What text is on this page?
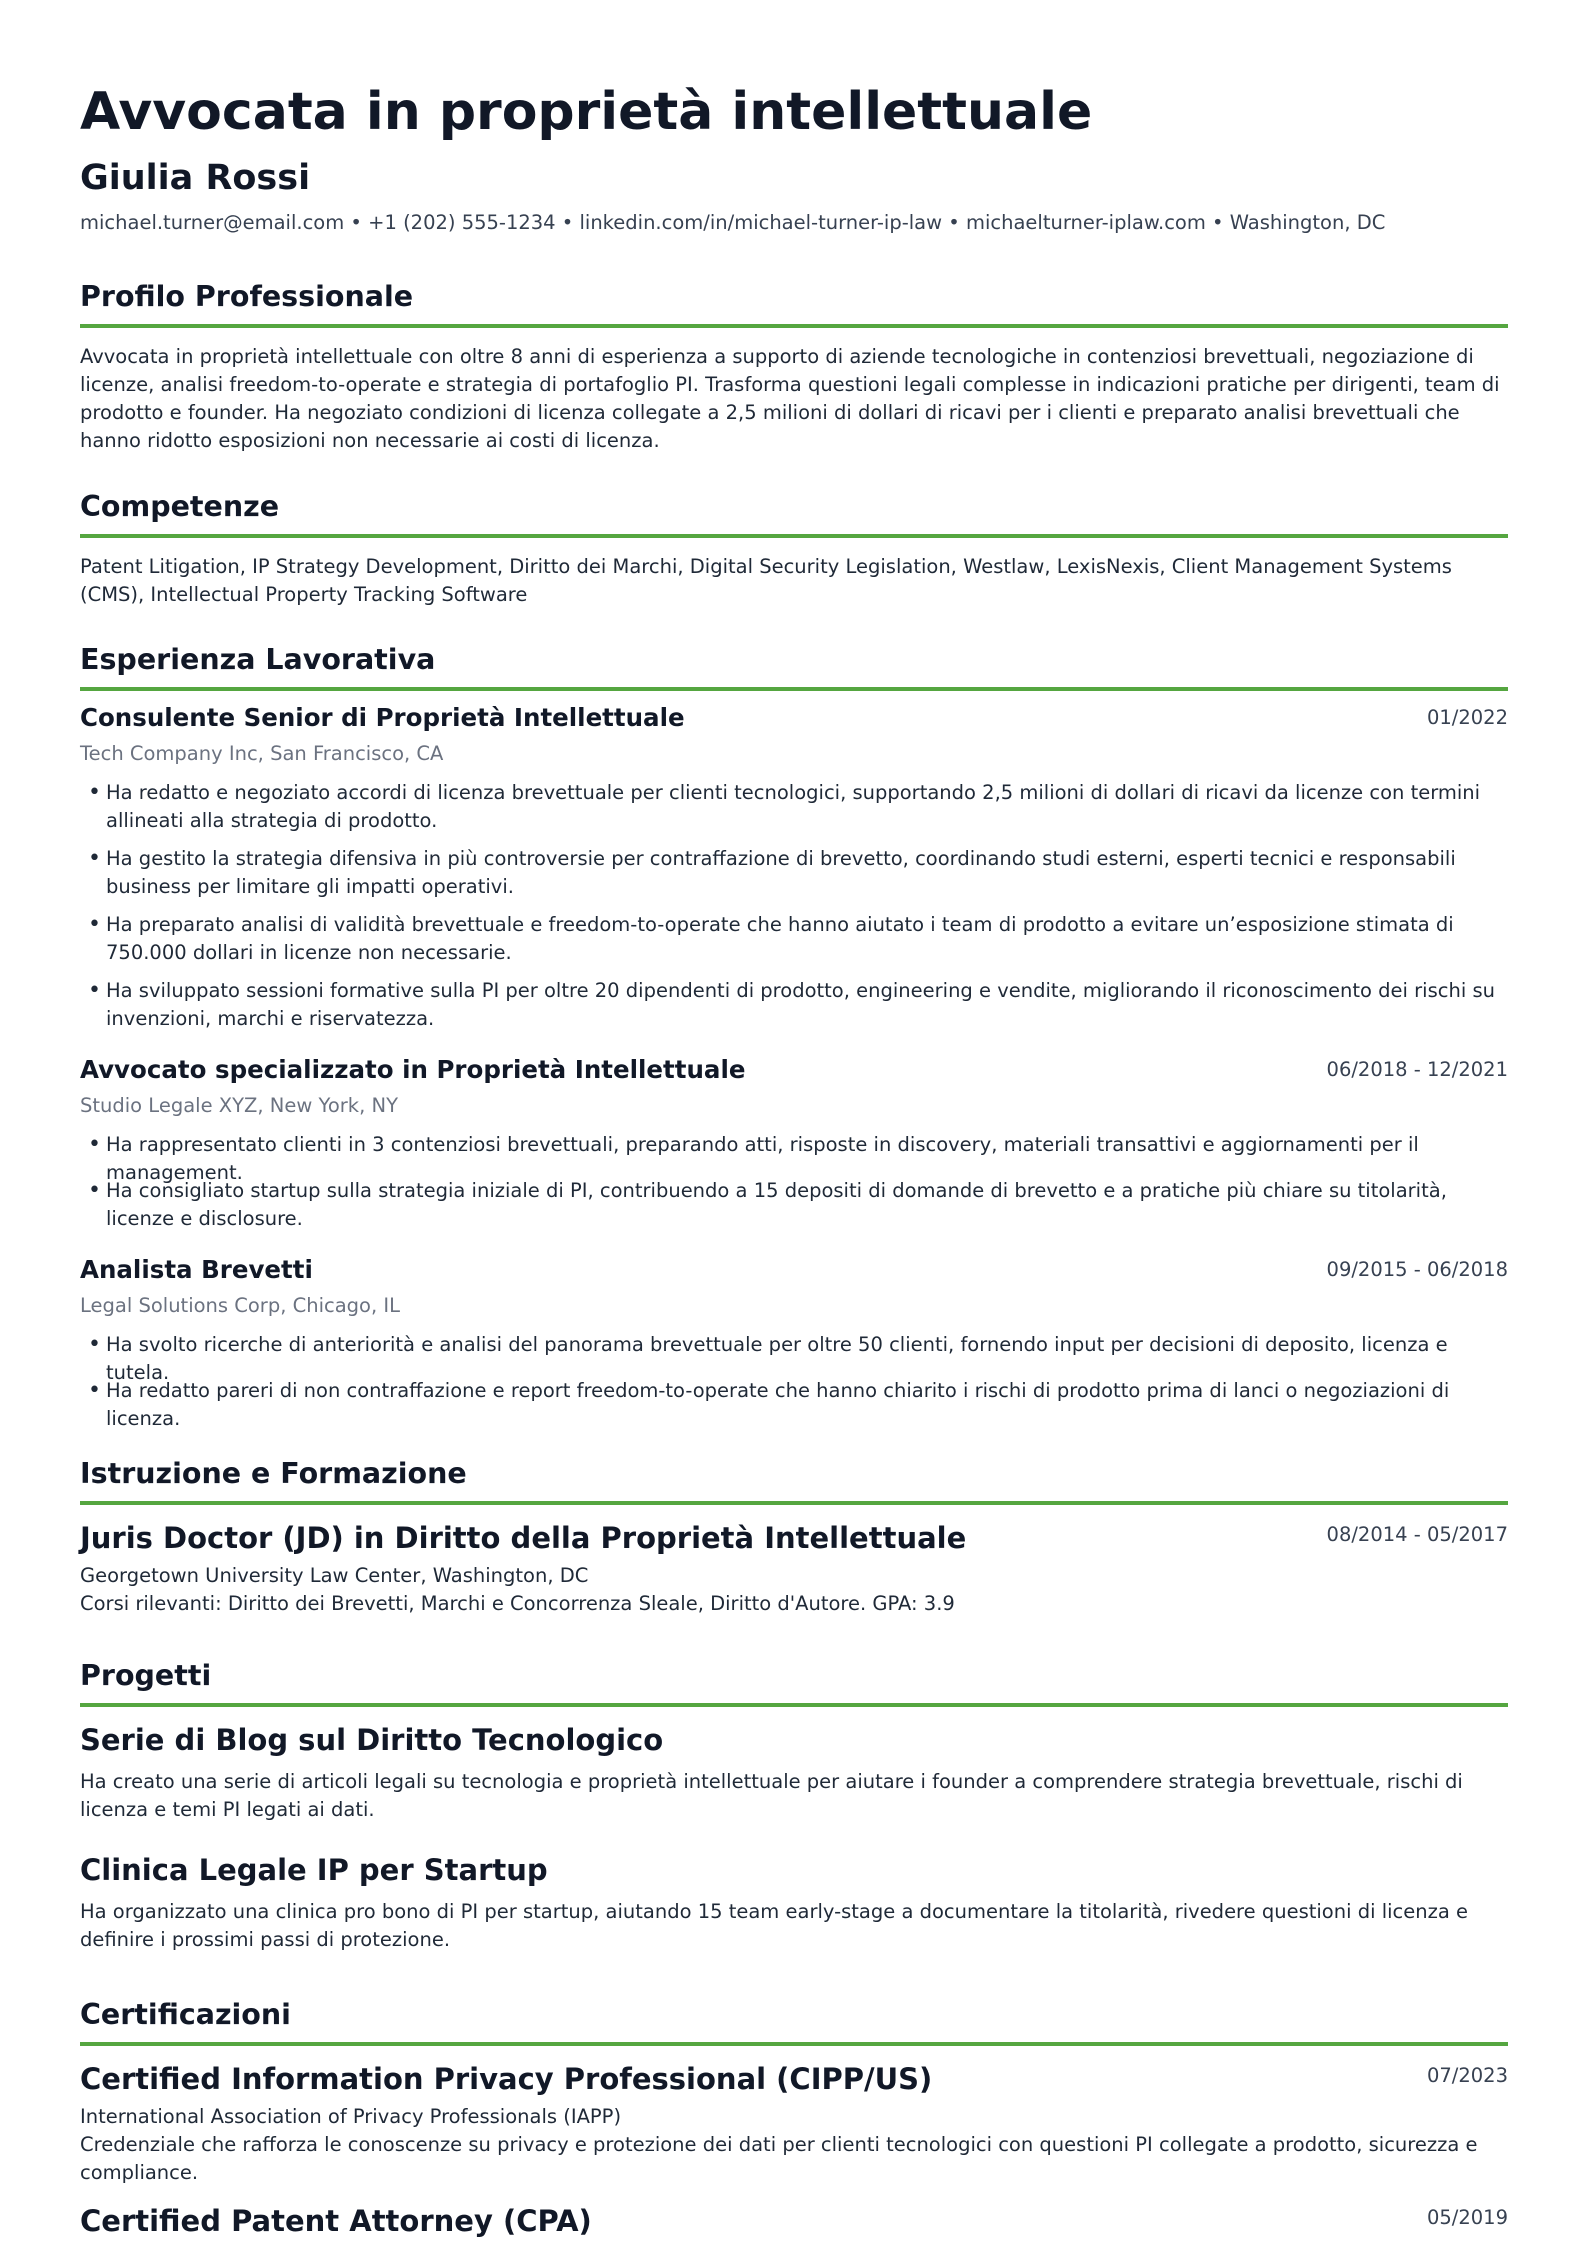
Avvocata in proprietà intellettuale
Giulia Rossi
michael.turner@email.com • +1 (202) 555-1234 • linkedin.com/in/michael-turner-ip-law • michaelturner-iplaw.com • Washington, DC
Profilo Professionale

Avvocata in proprietà intellettuale con oltre 8 anni di esperienza a supporto di aziende tecnologiche in contenziosi brevettuali, negoziazione di licenze, analisi freedom-to-operate e strategia di portafoglio PI. Trasforma questioni legali complesse in indicazioni pratiche per dirigenti, team di prodotto e founder. Ha negoziato condizioni di licenza collegate a 2,5 milioni di dollari di ricavi per i clienti e preparato analisi brevettuali che hanno ridotto esposizioni non necessarie ai costi di licenza.

Competenze

Patent Litigation, IP Strategy Development, Diritto dei Marchi, Digital Security Legislation, Westlaw, LexisNexis, Client Management Systems (CMS), Intellectual Property Tracking Software

Esperienza Lavorativa
Consulente Senior di Proprietà Intellettuale	01/2022
Tech Company Inc, San Francisco, CA
• Ha redatto e negoziato accordi di licenza brevettuale per clienti tecnologici, supportando 2,5 milioni di dollari di ricavi da licenze con termini allineati alla strategia di prodotto.
• Ha gestito la strategia difensiva in più controversie per contraffazione di brevetto, coordinando studi esterni, esperti tecnici e responsabili business per limitare gli impatti operativi.
• Ha preparato analisi di validità brevettuale e freedom-to-operate che hanno aiutato i team di prodotto a evitare un’esposizione stimata di 750.000 dollari in licenze non necessarie.
• Ha sviluppato sessioni formative sulla PI per oltre 20 dipendenti di prodotto, engineering e vendite, migliorando il riconoscimento dei rischi su invenzioni, marchi e riservatezza.
Avvocato specializzato in Proprietà Intellettuale	06/2018 - 12/2021
Studio Legale XYZ, New York, NY
• Ha rappresentato clienti in 3 contenziosi brevettuali, preparando atti, risposte in discovery, materiali transattivi e aggiornamenti per il management.
• Ha consigliato startup sulla strategia iniziale di PI, contribuendo a 15 depositi di domande di brevetto e a pratiche più chiare su titolarità, licenze e disclosure.
Analista Brevetti	09/2015 - 06/2018
Legal Solutions Corp, Chicago, IL
• Ha svolto ricerche di anteriorità e analisi del panorama brevettuale per oltre 50 clienti, fornendo input per decisioni di deposito, licenza e tutela.
• Ha redatto pareri di non contraffazione e report freedom-to-operate che hanno chiarito i rischi di prodotto prima di lanci o negoziazioni di licenza.
Istruzione e Formazione
Juris Doctor (JD) in Diritto della Proprietà Intellettuale	08/2014 - 05/2017
Georgetown University Law Center, Washington, DC
Corsi rilevanti: Diritto dei Brevetti, Marchi e Concorrenza Sleale, Diritto d'Autore. GPA: 3.9
Progetti
Serie di Blog sul Diritto Tecnologico

Ha creato una serie di articoli legali su tecnologia e proprietà intellettuale per aiutare i founder a comprendere strategia brevettuale, rischi di licenza e temi PI legati ai dati.

Clinica Legale IP per Startup

Ha organizzato una clinica pro bono di PI per startup, aiutando 15 team early-stage a documentare la titolarità, rivedere questioni di licenza e definire i prossimi passi di protezione.

Certificazioni
Certified Information Privacy Professional (CIPP/US)	07/2023
International Association of Privacy Professionals (IAPP)

Credenziale che rafforza le conoscenze su privacy e protezione dei dati per clienti tecnologici con questioni PI collegate a prodotto, sicurezza e compliance.

Certified Patent Attorney (CPA)	05/2019
